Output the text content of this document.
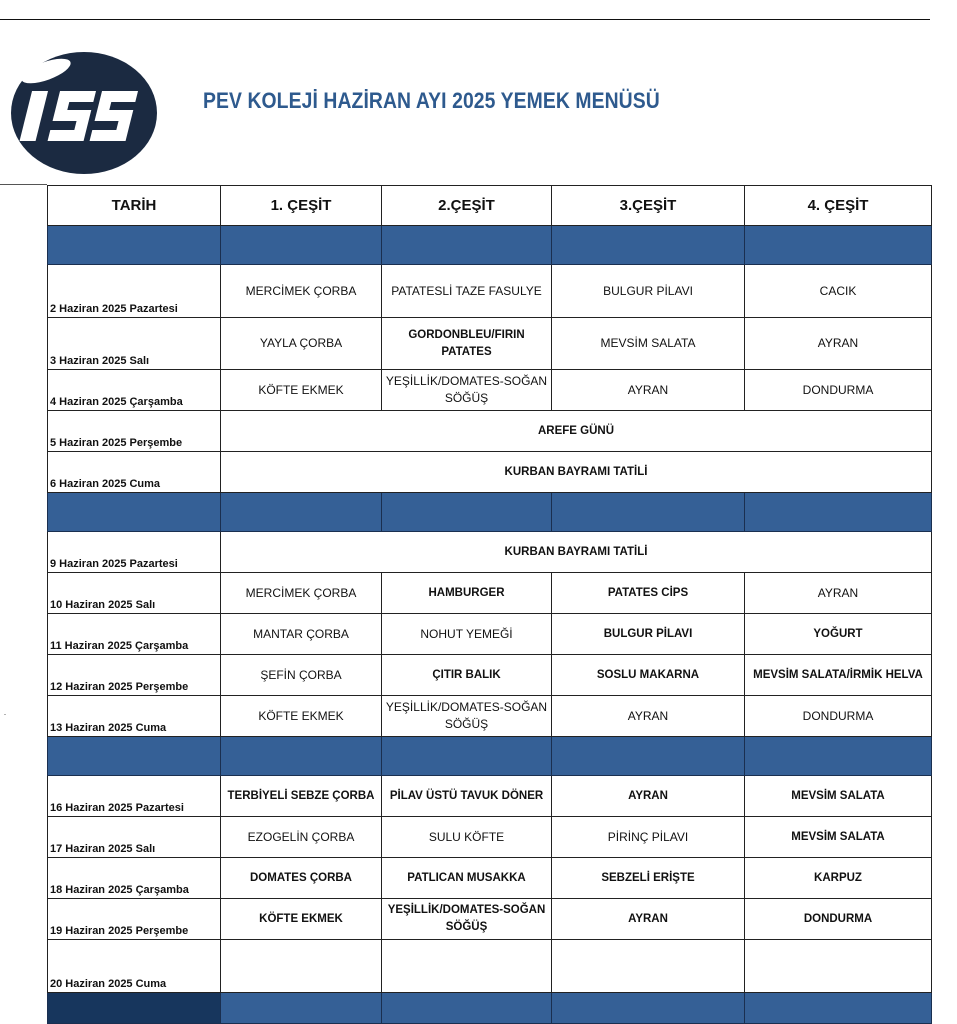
-
PEV KOLEJİ HAZİRAN AYI 2025 YEMEK MENÜSÜ
TARİH	1. ÇEŞİT	2.ÇEŞİT	3.ÇEŞİT	4. ÇEŞİT

2 Haziran 2025 Pazartesi	MERCİMEK ÇORBA	PATATESLİ TAZE FASULYE	BULGUR PİLAVI	CACIK
3 Haziran 2025 Salı	YAYLA ÇORBA	GORDONBLEU/FIRIN PATATES	MEVSİM SALATA	AYRAN
4 Haziran 2025 Çarşamba	KÖFTE EKMEK	YEŞİLLİK/DOMATES-SOĞAN SÖĞÜŞ	AYRAN	DONDURMA
5 Haziran 2025 Perşembe	AREFE GÜNÜ			
6 Haziran 2025 Cuma	KURBAN BAYRAMI TATİLİ			

9 Haziran 2025 Pazartesi	KURBAN BAYRAMI TATİLİ			
10 Haziran 2025 Salı	MERCİMEK ÇORBA	HAMBURGER	PATATES CİPS	AYRAN
11 Haziran 2025 Çarşamba	MANTAR ÇORBA	NOHUT YEMEĞİ	BULGUR PİLAVI	YOĞURT
12 Haziran 2025 Perşembe	ŞEFİN ÇORBA	ÇITIR BALIK	SOSLU MAKARNA	MEVSİM SALATA/İRMİK HELVA
13 Haziran 2025 Cuma	KÖFTE EKMEK	YEŞİLLİK/DOMATES-SOĞAN SÖĞÜŞ	AYRAN	DONDURMA

16 Haziran 2025 Pazartesi	TERBİYELİ SEBZE ÇORBA	PİLAV ÜSTÜ TAVUK DÖNER	AYRAN	MEVSİM SALATA
17 Haziran 2025 Salı	EZOGELİN ÇORBA	SULU KÖFTE	PİRİNÇ PİLAVI	MEVSİM SALATA
18 Haziran 2025 Çarşamba	DOMATES ÇORBA	PATLICAN MUSAKKA	SEBZELİ ERİŞTE	KARPUZ
19 Haziran 2025 Perşembe	KÖFTE EKMEK	YEŞİLLİK/DOMATES-SOĞAN SÖĞÜŞ	AYRAN	DONDURMA
20 Haziran 2025 Cuma				
